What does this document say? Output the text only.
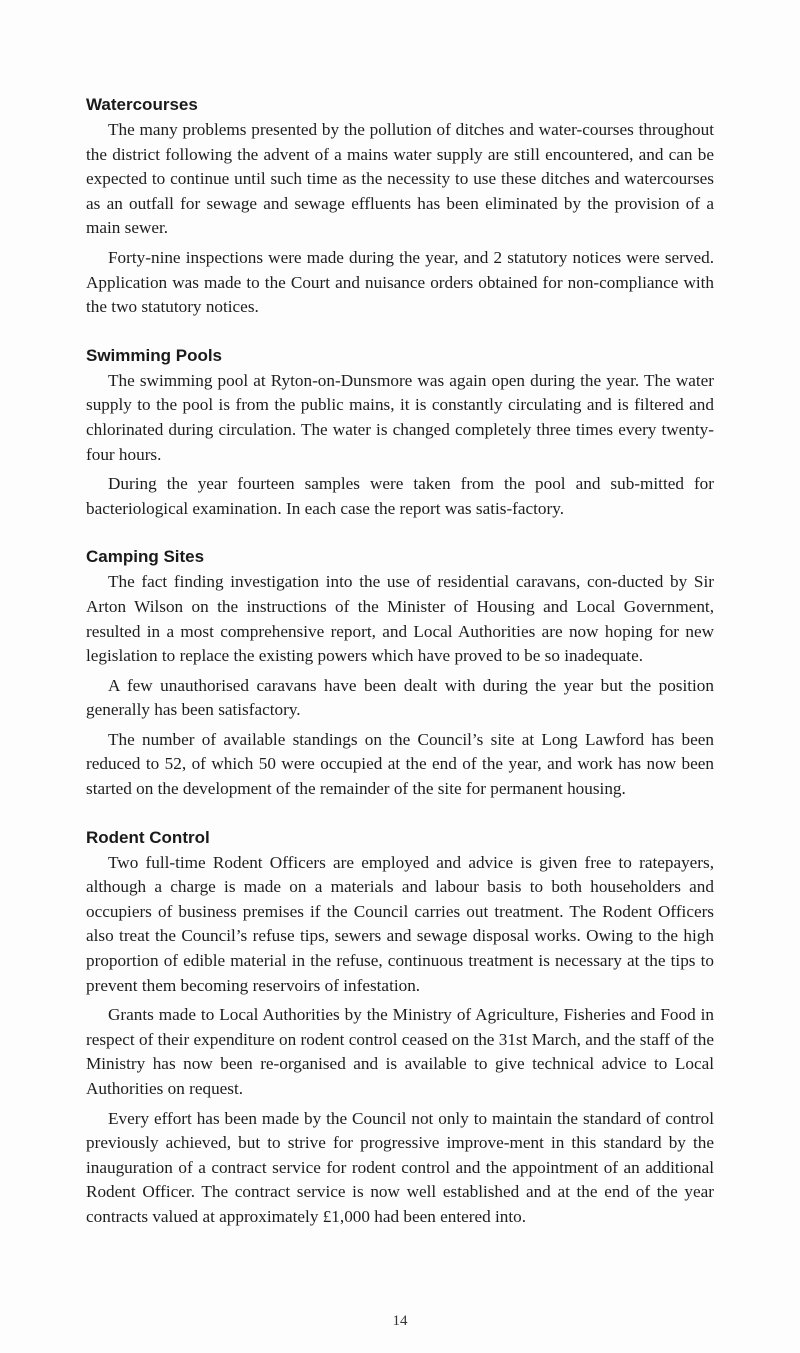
Watercourses

The many problems presented by the pollution of ditches and water-courses throughout the district following the advent of a mains water supply are still encountered, and can be expected to continue until such time as the necessity to use these ditches and watercourses as an outfall for sewage and sewage effluents has been eliminated by the provision of a main sewer.

Forty-nine inspections were made during the year, and 2 statutory notices were served. Application was made to the Court and nuisance orders obtained for non-compliance with the two statutory notices.

Swimming Pools

The swimming pool at Ryton-on-Dunsmore was again open during the year. The water supply to the pool is from the public mains, it is constantly circulating and is filtered and chlorinated during circulation. The water is changed completely three times every twenty-four hours.

During the year fourteen samples were taken from the pool and sub-mitted for bacteriological examination. In each case the report was satis-factory.

Camping Sites

The fact finding investigation into the use of residential caravans, con-ducted by Sir Arton Wilson on the instructions of the Minister of Housing and Local Government, resulted in a most comprehensive report, and Local Authorities are now hoping for new legislation to replace the existing powers which have proved to be so inadequate.

A few unauthorised caravans have been dealt with during the year but the position generally has been satisfactory.

The number of available standings on the Council’s site at Long Lawford has been reduced to 52, of which 50 were occupied at the end of the year, and work has now been started on the development of the remainder of the site for permanent housing.

Rodent Control

Two full-time Rodent Officers are employed and advice is given free to ratepayers, although a charge is made on a materials and labour basis to both householders and occupiers of business premises if the Council carries out treatment. The Rodent Officers also treat the Council’s refuse tips, sewers and sewage disposal works. Owing to the high proportion of edible material in the refuse, continuous treatment is necessary at the tips to prevent them becoming reservoirs of infestation.

Grants made to Local Authorities by the Ministry of Agriculture, Fisheries and Food in respect of their expenditure on rodent control ceased on the 31st March, and the staff of the Ministry has now been re-organised and is available to give technical advice to Local Authorities on request.

Every effort has been made by the Council not only to maintain the standard of control previously achieved, but to strive for progressive improve-ment in this standard by the inauguration of a contract service for rodent control and the appointment of an additional Rodent Officer. The contract service is now well established and at the end of the year contracts valued at approximately £1,000 had been entered into.

14
